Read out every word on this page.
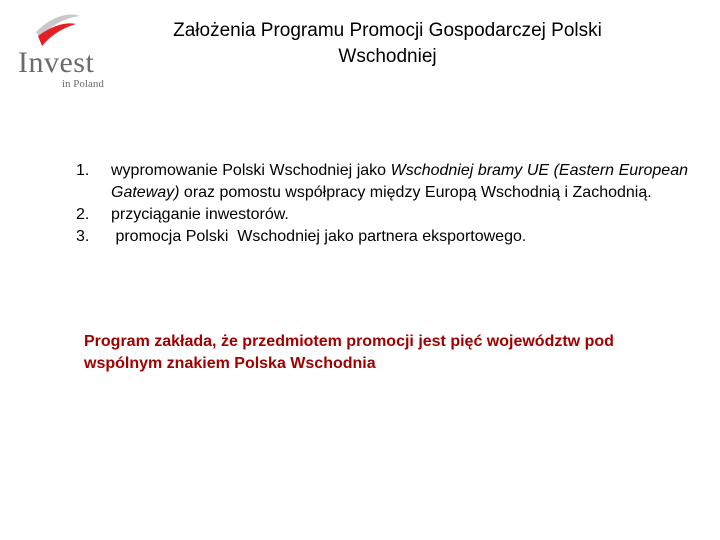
Invest
in Poland
Założenia Programu Promocji Gospodarczej Polski
Wschodniej
1.	wypromowanie Polski Wschodniej jako Wschodniej bramy UE (Eastern European Gateway) oraz pomostu współpracy między Europą Wschodnią i Zachodnią.
2.	przyciąganie inwestorów.
3.	promocja Polski  Wschodniej jako partnera eksportowego.
Program zakłada, że przedmiotem promocji jest pięć województw pod wspólnym znakiem Polska Wschodnia
